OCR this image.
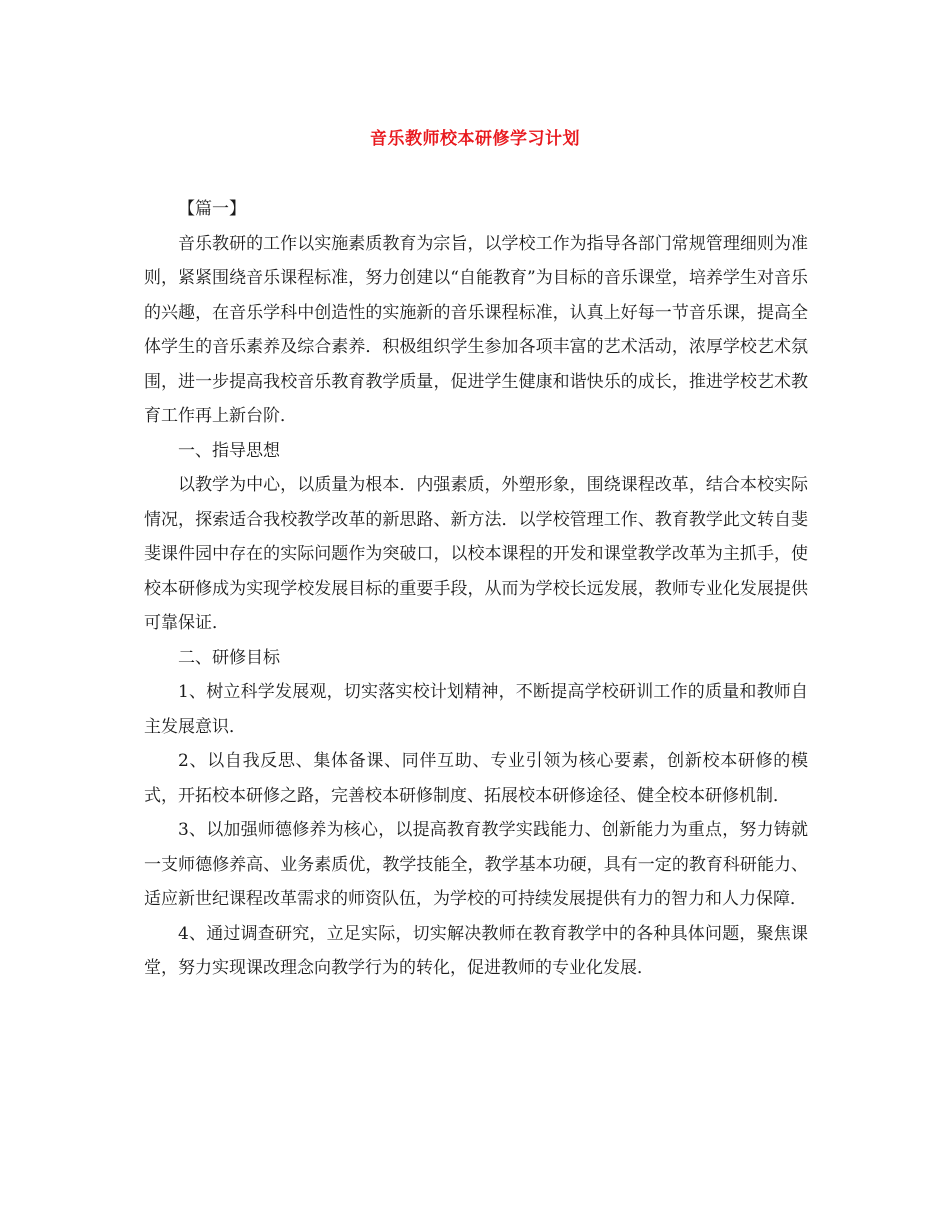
音乐教师校本研修学习计划

【篇一】

音乐教研的工作以实施素质教育为宗旨，以学校工作为指导各部门常规管理细则为准则，紧紧围绕音乐课程标准，努力创建以“自能教育”为目标的音乐课堂，培养学生对音乐的兴趣，在音乐学科中创造性的实施新的音乐课程标准，认真上好每一节音乐课，提高全体学生的音乐素养及综合素养．积极组织学生参加各项丰富的艺术活动，浓厚学校艺术氛围，进一步提高我校音乐教育教学质量，促进学生健康和谐快乐的成长，推进学校艺术教育工作再上新台阶．

一、指导思想

以教学为中心，以质量为根本．内强素质，外塑形象，围绕课程改革，结合本校实际情况，探索适合我校教学改革的新思路、新方法．以学校管理工作、教育教学此文转自斐斐课件园中存在的实际问题作为突破口，以校本课程的开发和课堂教学改革为主抓手，使校本研修成为实现学校发展目标的重要手段，从而为学校长远发展，教师专业化发展提供可靠保证．

二、研修目标

1、树立科学发展观，切实落实校计划精神，不断提高学校研训工作的质量和教师自主发展意识．

2、以自我反思、集体备课、同伴互助、专业引领为核心要素，创新校本研修的模式，开拓校本研修之路，完善校本研修制度、拓展校本研修途径、健全校本研修机制．

3、以加强师德修养为核心，以提高教育教学实践能力、创新能力为重点，努力铸就一支师德修养高、业务素质优，教学技能全，教学基本功硬，具有一定的教育科研能力、适应新世纪课程改革需求的师资队伍，为学校的可持续发展提供有力的智力和人力保障．

4、通过调查研究，立足实际，切实解决教师在教育教学中的各种具体问题，聚焦课堂，努力实现课改理念向教学行为的转化，促进教师的专业化发展．
